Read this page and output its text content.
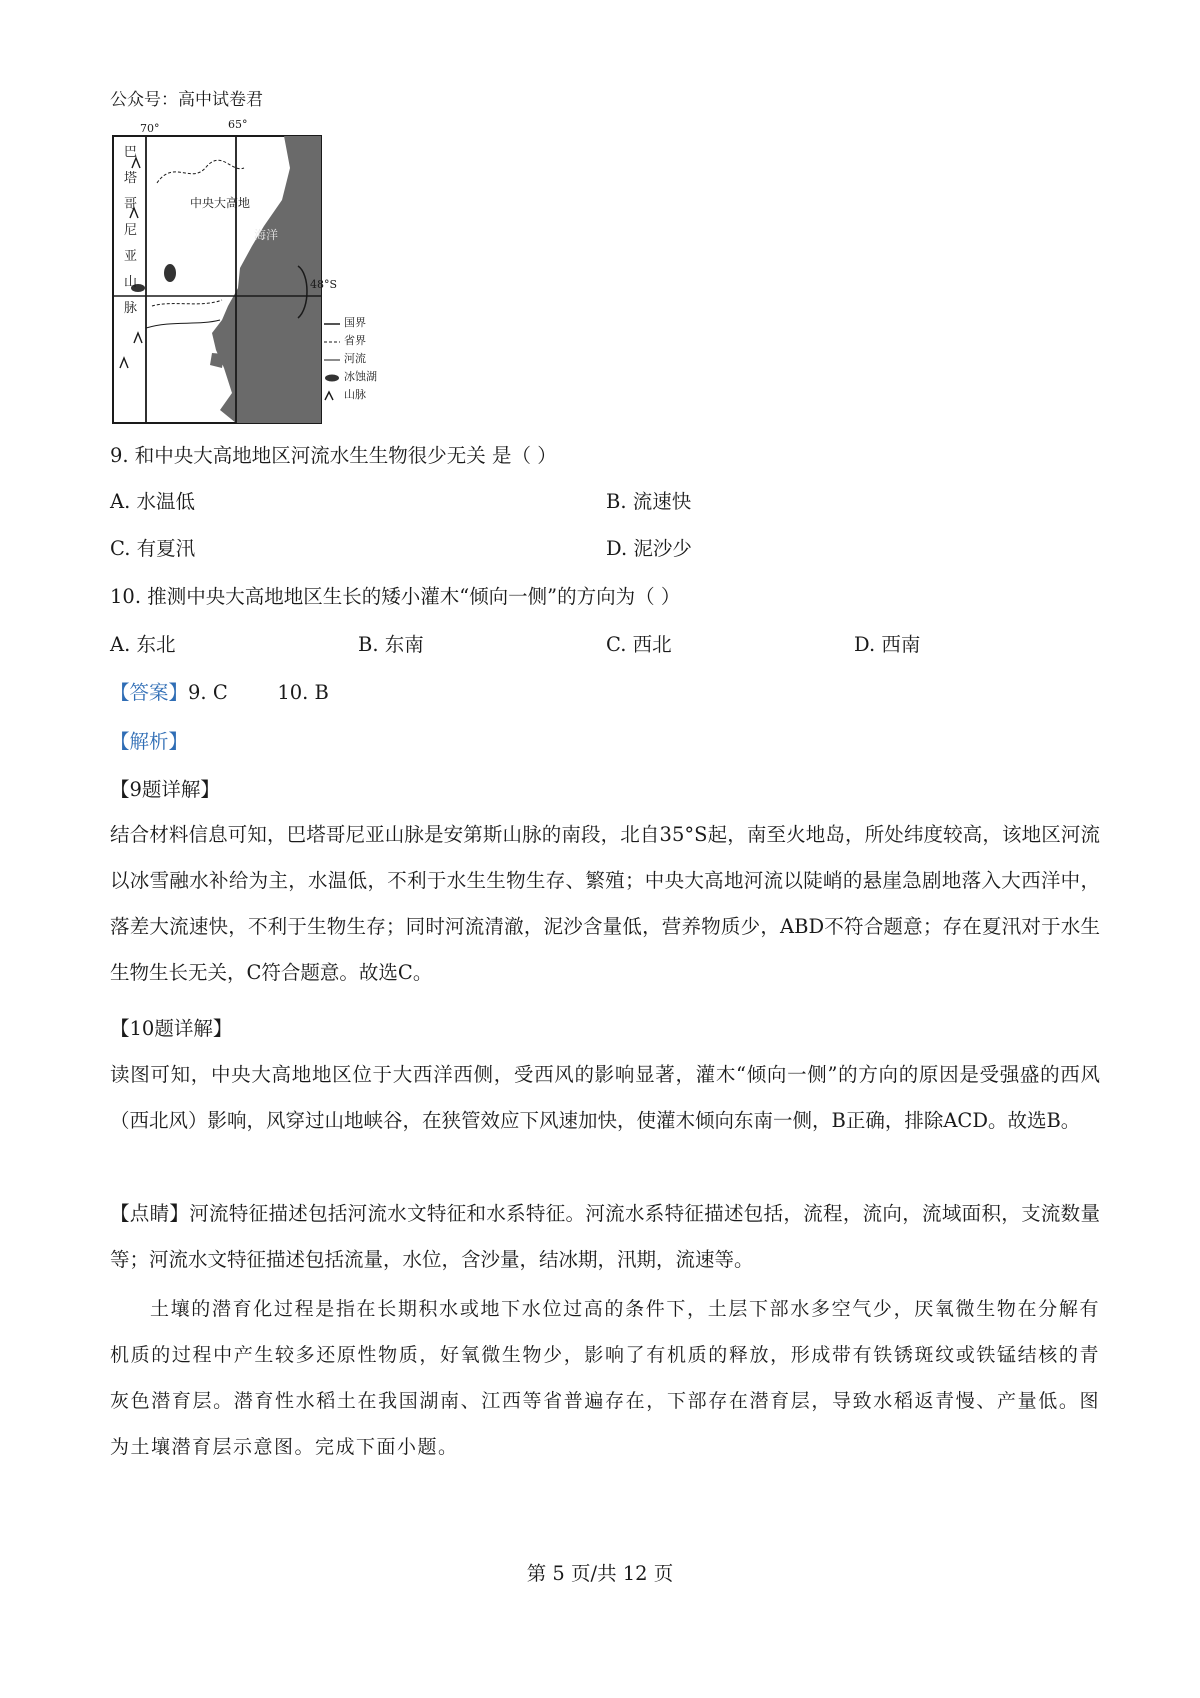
公众号：高中试卷君
70°	65°
中央大高地
海洋
48°S
巴
塔
哥
尼
亚
山
脉
国界
省界
河流
冰蚀湖
山脉
9. 和中央大高地地区河流水生生物很少无关 是（ ）
A. 水温低	B. 流速快
C. 有夏汛	D. 泥沙少
10. 推测中央大高地地区生长的矮小灌木“倾向一侧”的方向为（ ）
A. 东北	B. 东南	C. 西北	D. 西南
【答案】9. C        10. B
【解析】
【9题详解】
结合材料信息可知，巴塔哥尼亚山脉是安第斯山脉的南段，北自35°S起，南至火地岛，所处纬度较高，该地区河流以冰雪融水补给为主，水温低，不利于水生生物生存、繁殖；中央大高地河流以陡峭的悬崖急剧地落入大西洋中，落差大流速快，不利于生物生存；同时河流清澈，泥沙含量低，营养物质少，ABD不符合题意；存在夏汛对于水生生物生长无关，C符合题意。故选C。
【10题详解】
读图可知，中央大高地地区位于大西洋西侧，受西风的影响显著，灌木“倾向一侧”的方向的原因是受强盛的西风（西北风）影响，风穿过山地峡谷，在狭管效应下风速加快，使灌木倾向东南一侧，B正确，排除ACD。故选B。
【点睛】河流特征描述包括河流水文特征和水系特征。河流水系特征描述包括，流程，流向，流域面积，支流数量等；河流水文特征描述包括流量，水位，含沙量，结冰期，汛期，流速等。
土壤的潜育化过程是指在长期积水或地下水位过高的条件下，土层下部水多空气少，厌氧微生物在分解有机质的过程中产生较多还原性物质，好氧微生物少，影响了有机质的释放，形成带有铁锈斑纹或铁锰结核的青灰色潜育层。潜育性水稻土在我国湖南、江西等省普遍存在，下部存在潜育层，导致水稻返青慢、产量低。图为土壤潜育层示意图。完成下面小题。
第 5 页/共 12 页
